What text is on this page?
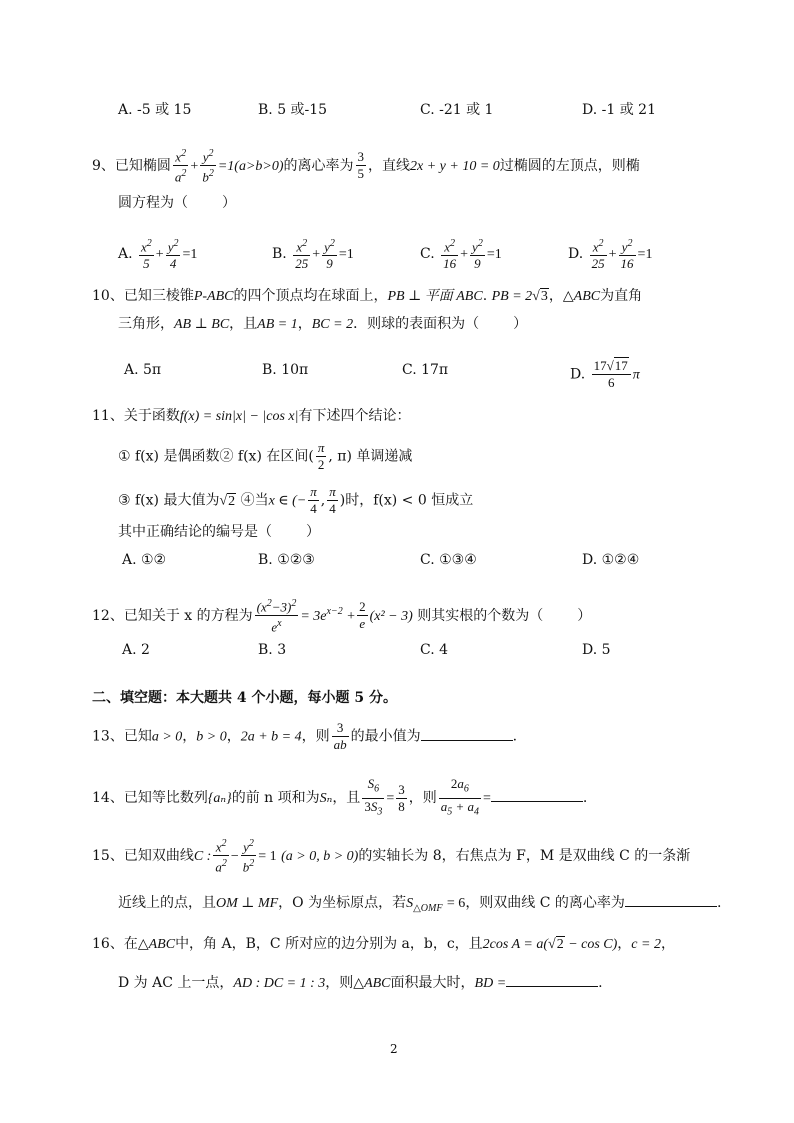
A. -5 或 15	B. 5 或-15	C. -21 或 1	D. -1 或 21
9、已知椭圆 $\frac{x^2}{a^2} + \frac{y^2}{b^2} =1(a>b>0)$的离心率为 $\frac{3}{5}$ ，直线2x + y + 10 = 0过椭圆的左顶点，则椭
圆方程为（ ）
A. $\frac{x^2}{5} + \frac{y^2}{4} =1$	B. $\frac{x^2}{25} + \frac{y^2}{9} =1$	C. $\frac{x^2}{16} + \frac{y^2}{9} =1$	D. $\frac{x^2}{25} + \frac{y^2}{16} =1$
10、已知三棱锥P-ABC的四个顶点均在球面上，PB ⊥ 平面 ABC. PB = 2√3，△ABC为直角
三角形，AB ⊥ BC，且AB = 1，BC = 2．则球的表面积为（ ）
A. 5π	B. 10π	C. 17π	D. $\frac{17√17}{6}$ π
11、关于函数f(x) = sin|x| − |cos x|有下述四个结论：
① f(x) 是偶函数② f(x) 在区间( $\frac{\pi}{2}$ , π) 单调递减
③ f(x) 最大值为√2 ④当x ∈ (− $\frac{\pi}{4}$ , $\frac{\pi}{4}$ )时，f(x) < 0 恒成立
其中正确结论的编号是（ ）
A. ①②	B. ①②③	C. ①③④	D. ①②④
12、已知关于 x 的方程为 $\frac{(x^2-3)^2}{e^x} = 3e^{x-2} + \frac{2}{e} (x^2 - 3)$ 则其实根的个数为（ ）
A. 2	B. 3	C. 4	D. 5
二、填空题：本大题共 4 个小题，每小题 5 分。
13、已知a > 0，b > 0，2a + b = 4，则 $\frac{3}{ab}$ 的最小值为	.
14、已知等比数列{aₙ}的前 n 项和为Sₙ，且 $\frac{S_6}{3S_3} = \frac{3}{8}$ ，则 $\frac{2a_6}{a_5 + a_4}$ =	.
15、已知双曲线C : $\frac{x^2}{a^2} - \frac{y^2}{b^2} = 1$ (a > 0, b > 0)的实轴长为 8，右焦点为 F，M 是双曲线 C 的一条渐
近线上的点，且OM ⊥ MF，O 为坐标原点，若$S_{\triangle OMF} = 6$，则双曲线 C 的离心率为	.
16、在△ABC中，角 A，B，C 所对应的边分别为 a，b，c，且2cos A = a(√2 − cos C)，c = 2，
D 为 AC 上一点，AD : DC = 1 : 3，则△ABC面积最大时，BD =	.
2
